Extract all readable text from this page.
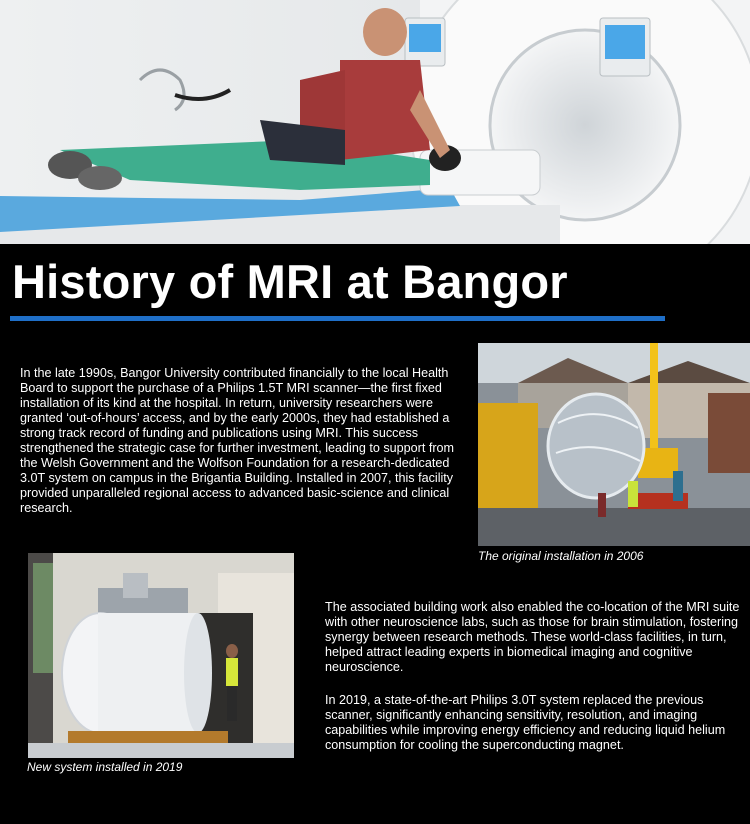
History of MRI at Bangor

In the late 1990s, Bangor University contributed financially to the local Health Board to support the purchase of a Philips 1.5T MRI scanner—the first fixed installation of its kind at the hospital. In return, university researchers were granted ‘out-of-hours’ access, and by the early 2000s, they had established a strong track record of funding and publications using MRI. This success strengthened the strategic case for further investment, leading to support from the Welsh Government and the Wolfson Foundation for a research-dedicated 3.0T system on campus in the Brigantia Building. Installed in 2007, this facility provided unparalleled regional access to advanced basic-science and clinical research.

The original installation in 2006
New system installed in 2019

The associated building work also enabled the co-location of the MRI suite with other neuroscience labs, such as those for brain stimulation, fostering synergy between research methods. These world-class facilities, in turn, helped attract leading experts in biomedical imaging and cognitive neuroscience.

In 2019, a state-of-the-art Philips 3.0T system replaced the previous scanner, significantly enhancing sensitivity, resolution, and imaging capabilities while improving energy efficiency and reducing liquid helium consumption for cooling the superconducting magnet.
